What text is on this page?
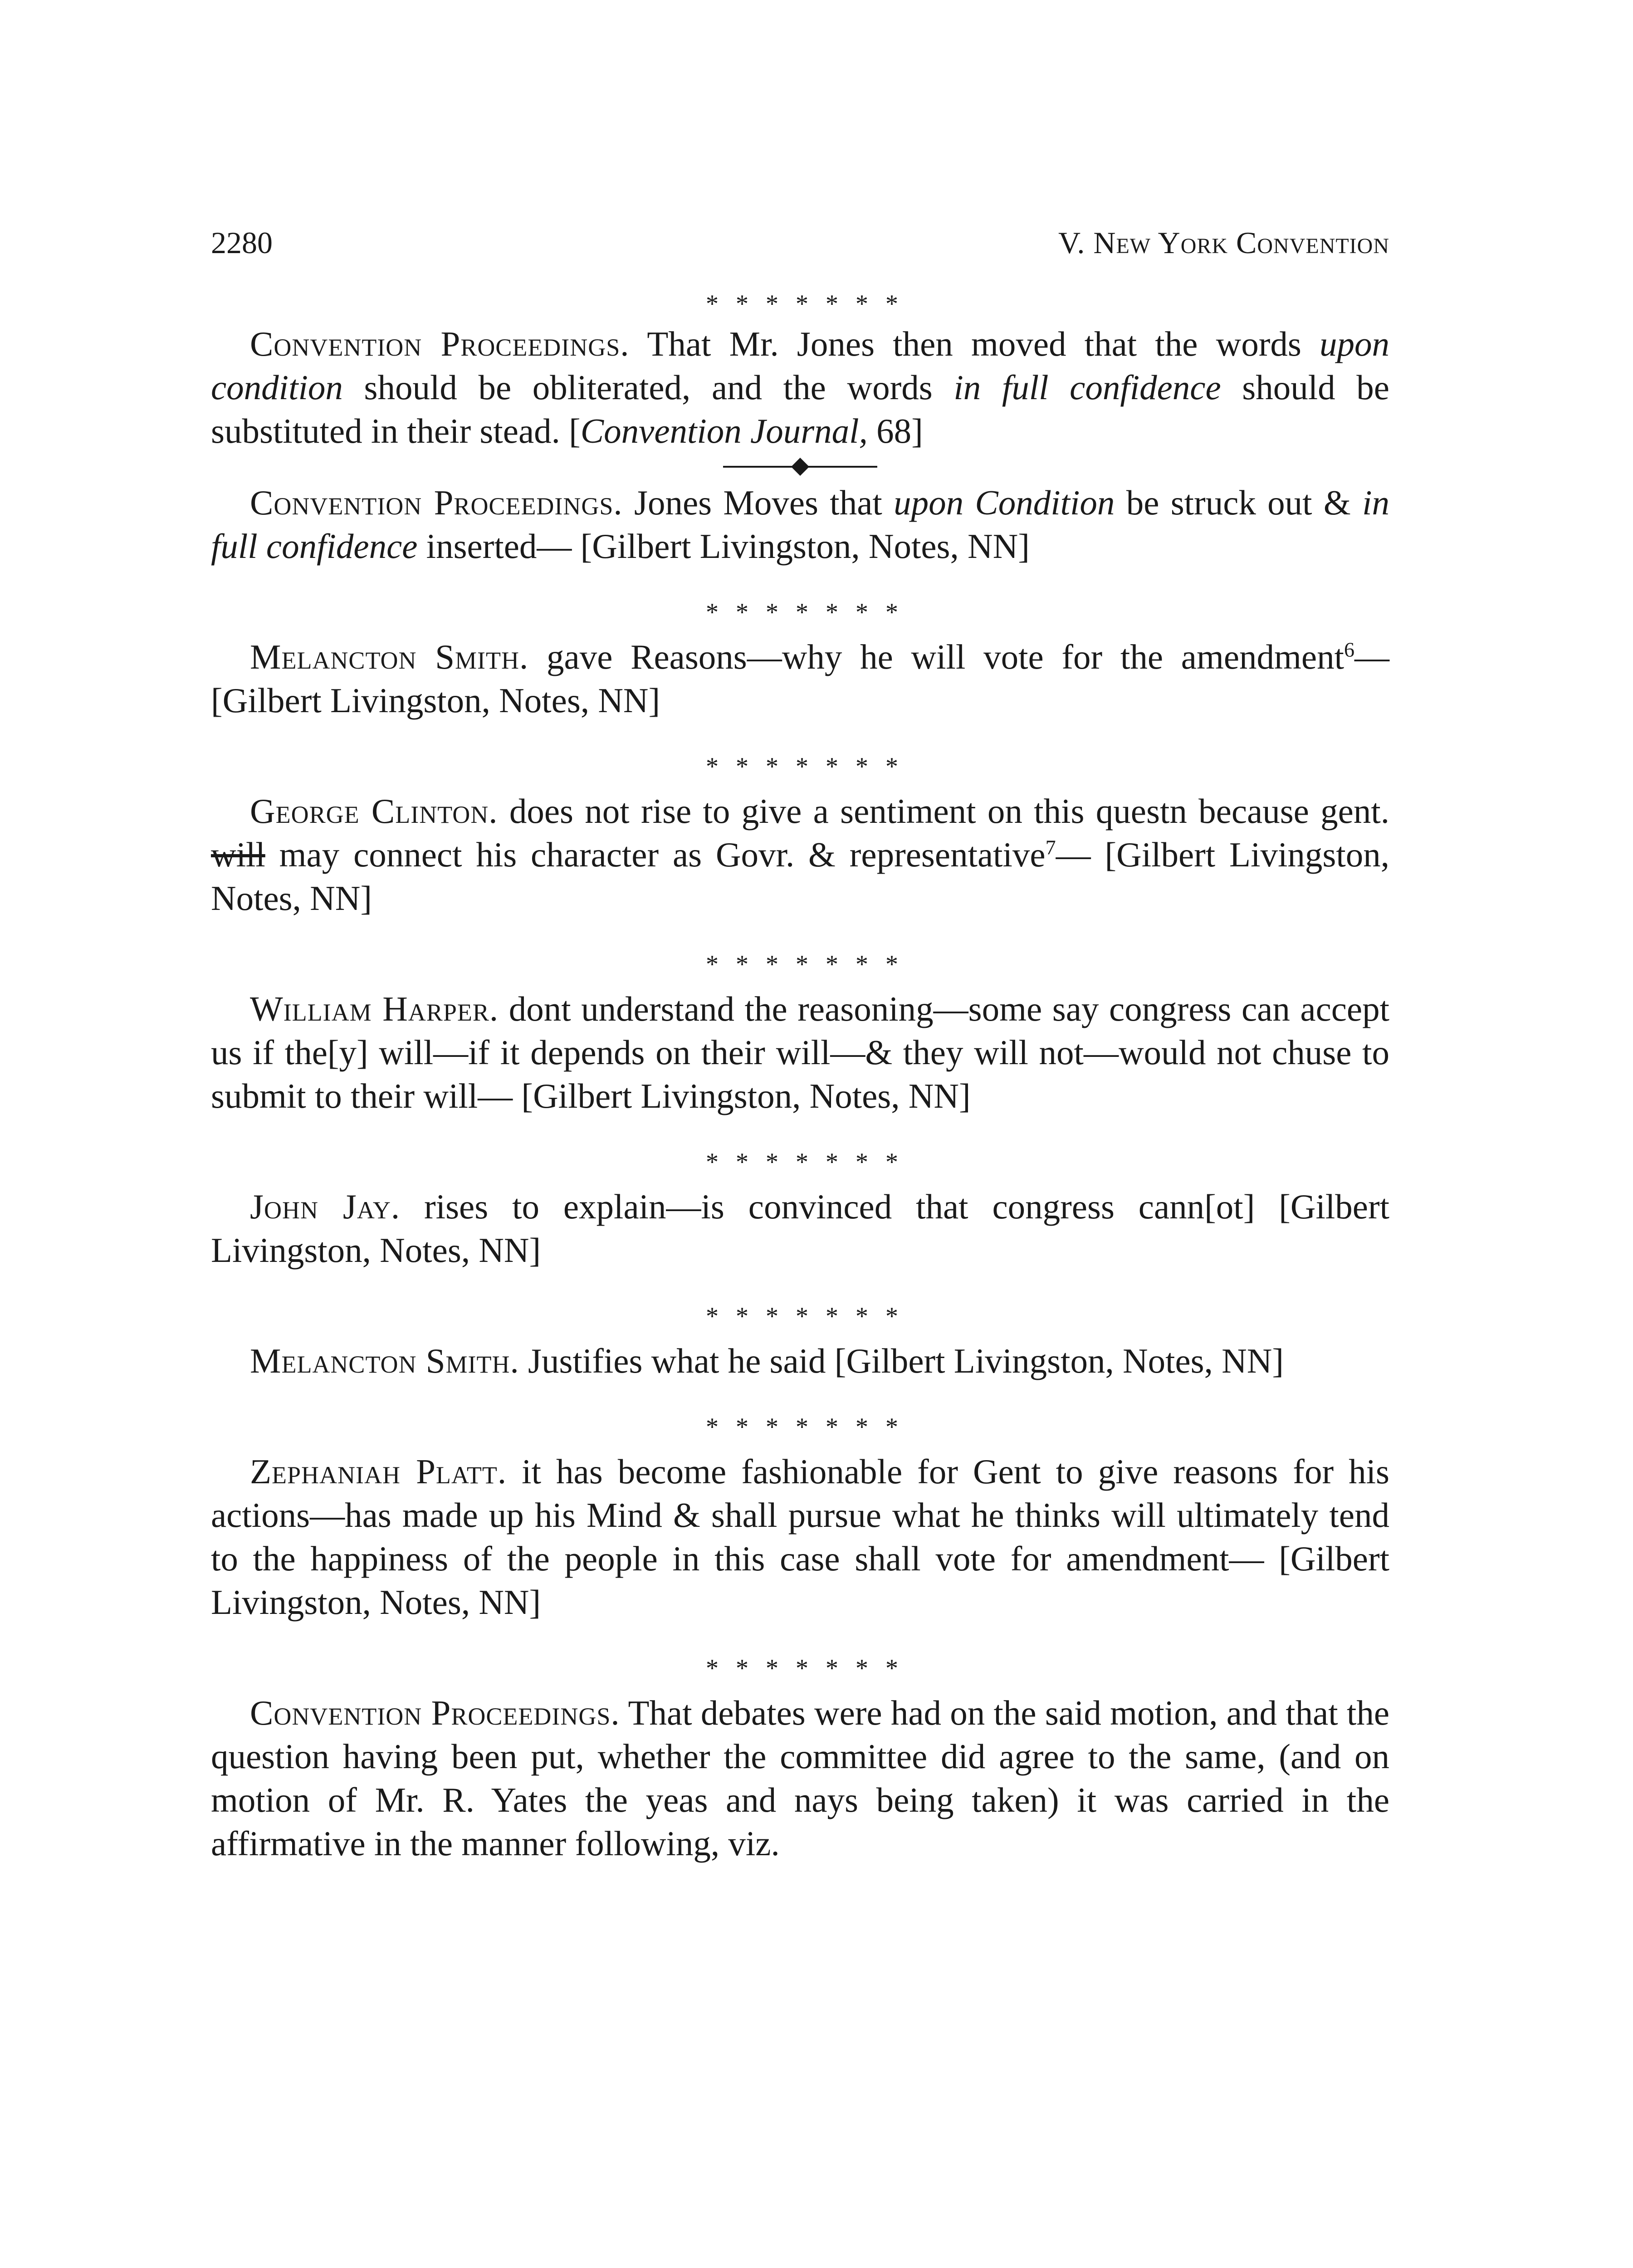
2280	V. New York Convention
* * * * * * *

Convention Proceedings. That Mr. Jones then moved that the words upon condition should be obliterated, and the words in full confidence should be substituted in their stead. [Convention Journal, 68]

Convention Proceedings. Jones Moves that upon Condition be struck out & in full confidence inserted— [Gilbert Livingston, Notes, NN]

* * * * * * *

Melancton Smith. gave Reasons—why he will vote for the amendment$^6$— [Gilbert Livingston, Notes, NN]

* * * * * * *

George Clinton. does not rise to give a sentiment on this questn because gent. will may connect his character as Govr. & representative$^7$— [Gilbert Livingston, Notes, NN]

* * * * * * *

William Harper. dont understand the reasoning—some say congress can accept us if the[y] will—if it depends on their will—& they will not—would not chuse to submit to their will— [Gilbert Livingston, Notes, NN]

* * * * * * *

John Jay. rises to explain—is convinced that congress cann[ot] [Gilbert Livingston, Notes, NN]

* * * * * * *

Melancton Smith. Justifies what he said [Gilbert Livingston, Notes, NN]

* * * * * * *

Zephaniah Platt. it has become fashionable for Gent to give reasons for his actions—has made up his Mind & shall pursue what he thinks will ultimately tend to the happiness of the people in this case shall vote for amendment— [Gilbert Livingston, Notes, NN]

* * * * * * *

Convention Proceedings. That debates were had on the said motion, and that the question having been put, whether the committee did agree to the same, (and on motion of Mr. R. Yates the yeas and nays being taken) it was carried in the affirmative in the manner following, viz.
